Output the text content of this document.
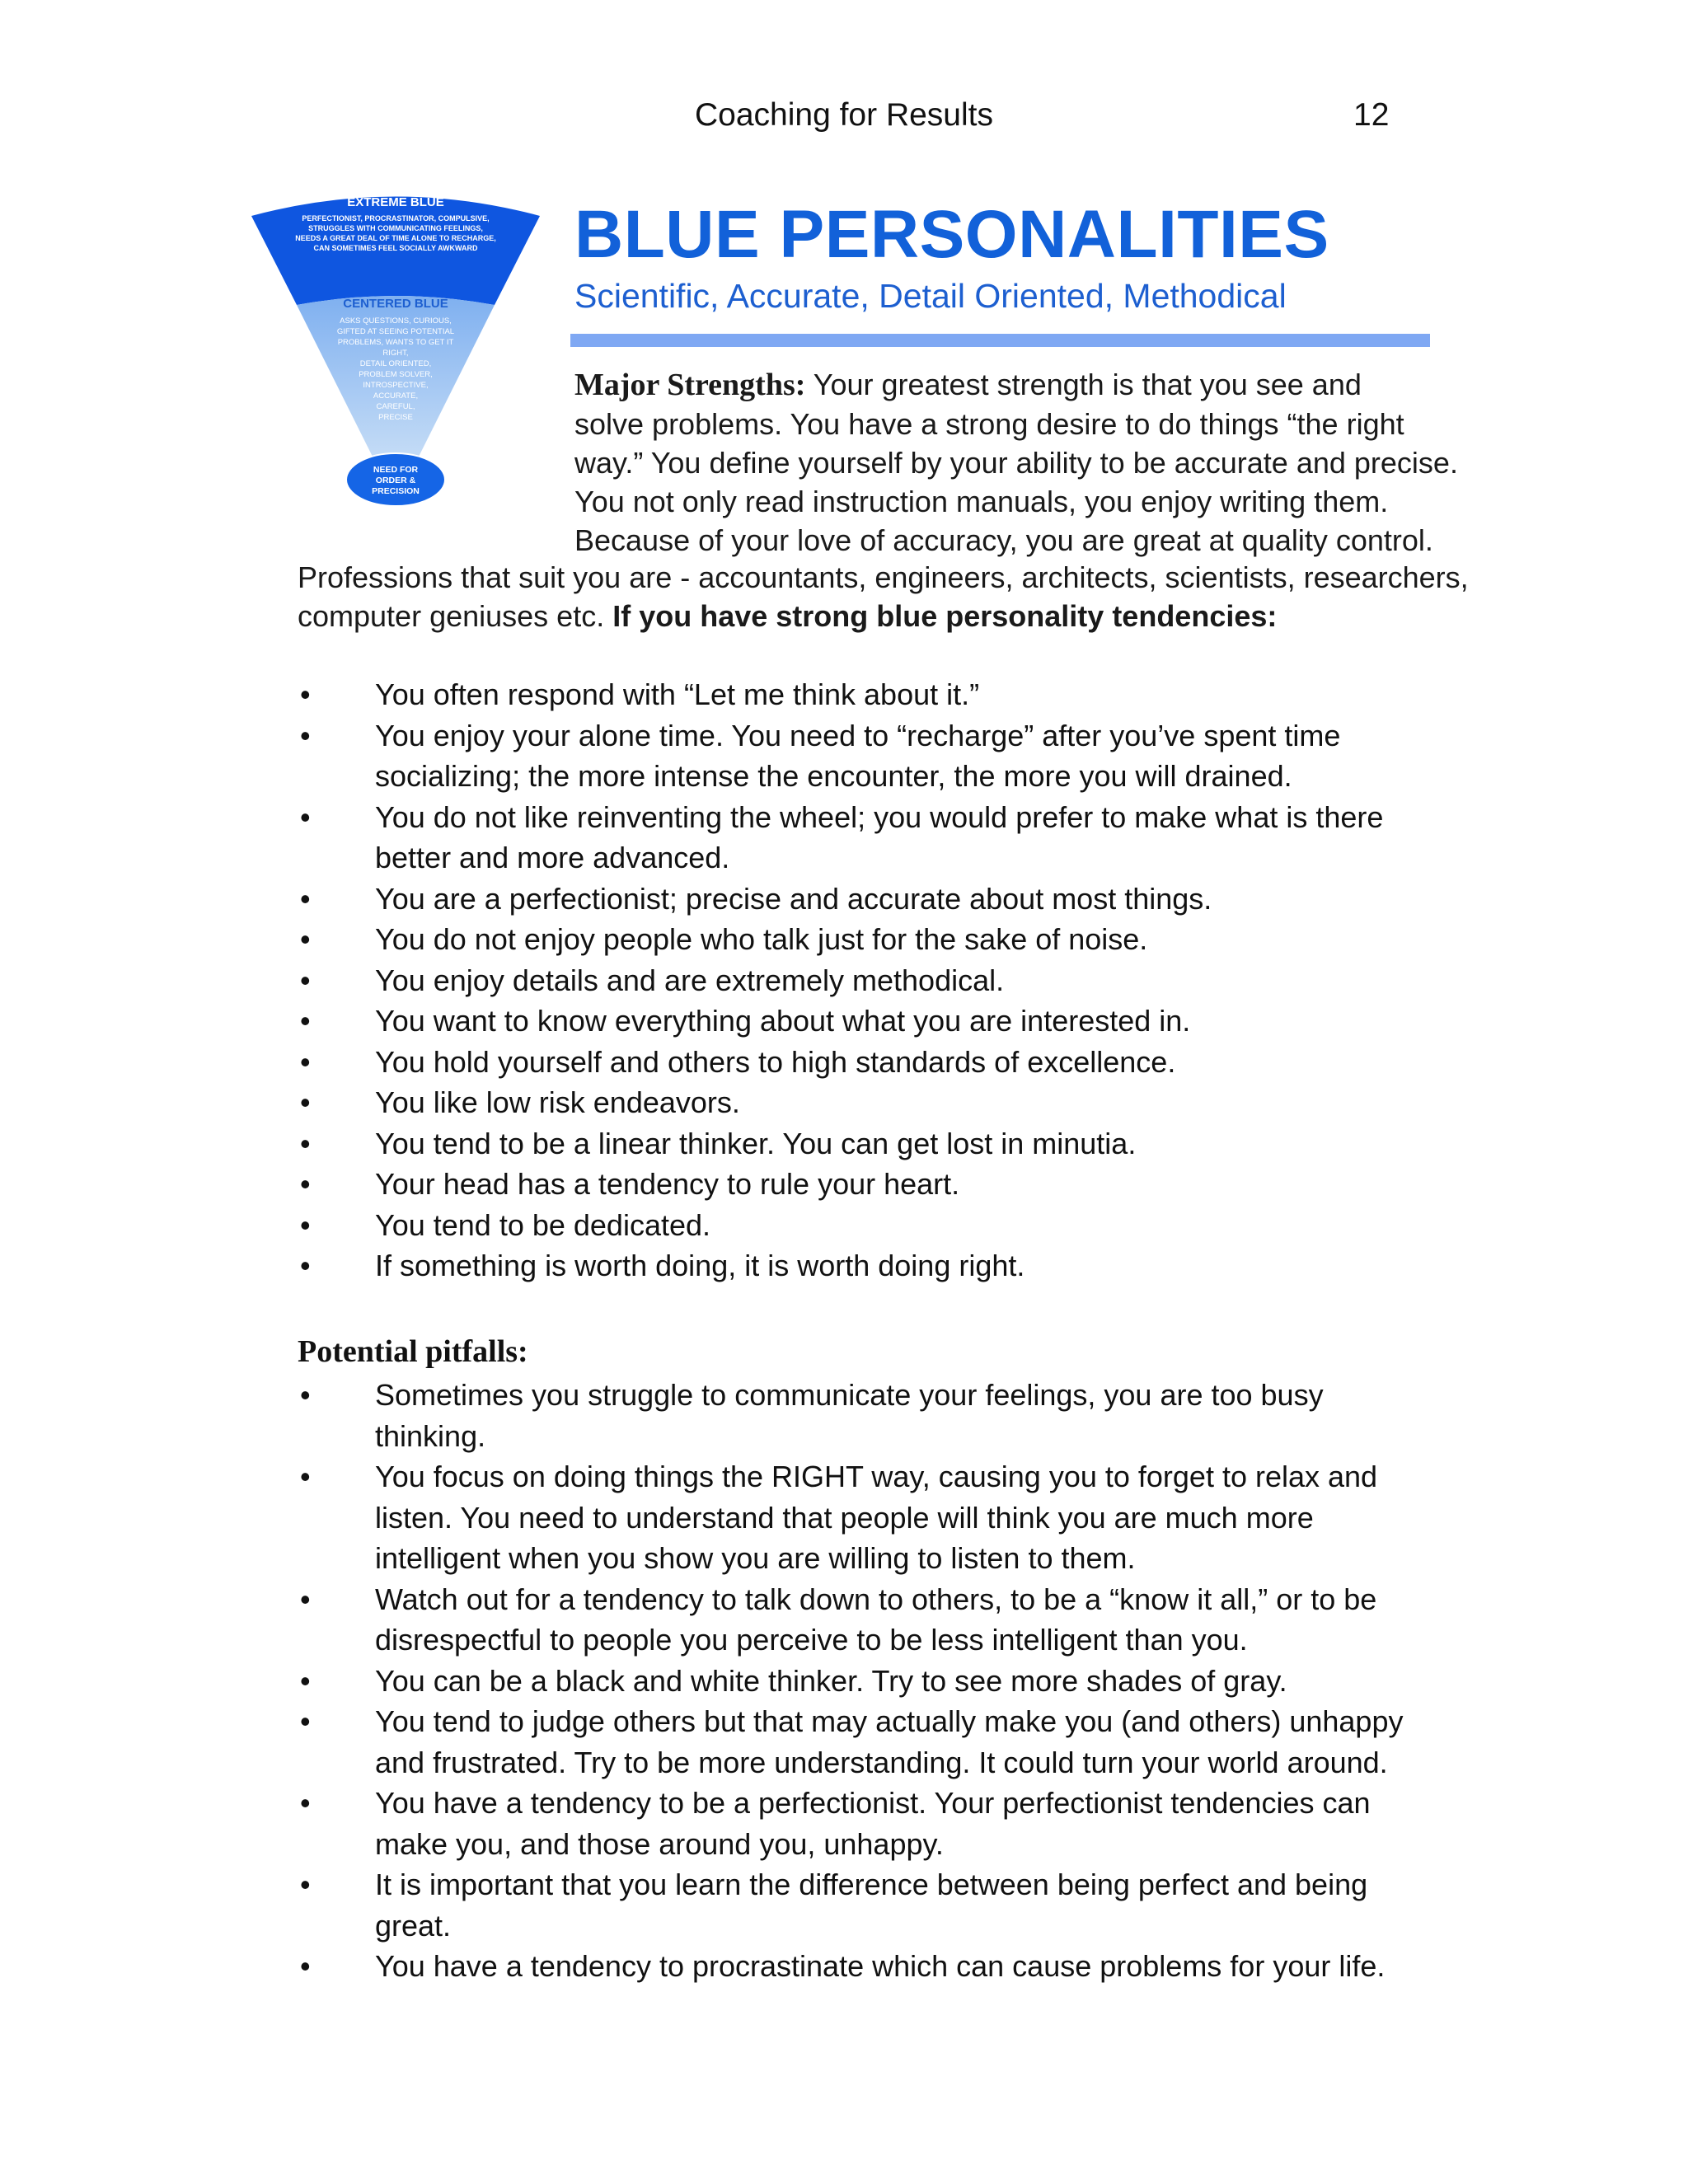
Coaching for Results	12
EXTREME BLUE
PERFECTIONIST, PROCRASTINATOR, COMPULSIVE,
STRUGGLES WITH COMMUNICATING FEELINGS,
NEEDS A GREAT DEAL OF TIME ALONE TO RECHARGE,
CAN SOMETIMES FEEL SOCIALLY AWKWARD
CENTERED BLUE
ASKS QUESTIONS, CURIOUS,
GIFTED AT SEEING POTENTIAL
PROBLEMS, WANTS TO GET IT
RIGHT,
DETAIL ORIENTED,
PROBLEM SOLVER,
INTROSPECTIVE,
ACCURATE,
CAREFUL,
PRECISE
NEED FOR
ORDER &
PRECISION
BLUE PERSONALITIES
Scientific, Accurate, Detail Oriented, Methodical
Major Strengths: Your greatest strength is that you see and
solve problems. You have a strong desire to do things “the right
way.” You define yourself by your ability to be accurate and precise.
You not only read instruction manuals, you enjoy writing them.
Because of your love of accuracy, you are great at quality control.
Professions that suit you are - accountants, engineers, architects, scientists, researchers,
computer geniuses etc. If you have strong blue personality tendencies:
• You often respond with “Let me think about it.”
• You enjoy your alone time. You need to “recharge” after you’ve spent time socializing; the more intense the encounter, the more you will drained.
• You do not like reinventing the wheel; you would prefer to make what is there better and more advanced.
• You are a perfectionist; precise and accurate about most things.
• You do not enjoy people who talk just for the sake of noise.
• You enjoy details and are extremely methodical.
• You want to know everything about what you are interested in.
• You hold yourself and others to high standards of excellence.
• You like low risk endeavors.
• You tend to be a linear thinker. You can get lost in minutia.
• Your head has a tendency to rule your heart.
• You tend to be dedicated.
• If something is worth doing, it is worth doing right.
Potential pitfalls:
• Sometimes you struggle to communicate your feelings, you are too busy thinking.
• You focus on doing things the RIGHT way, causing you to forget to relax and listen. You need to understand that people will think you are much more intelligent when you show you are willing to listen to them.
• Watch out for a tendency to talk down to others, to be a “know it all,” or to be disrespectful to people you perceive to be less intelligent than you.
• You can be a black and white thinker. Try to see more shades of gray.
• You tend to judge others but that may actually make you (and others) unhappy and frustrated. Try to be more understanding. It could turn your world around.
• You have a tendency to be a perfectionist. Your perfectionist tendencies can make you, and those around you, unhappy.
• It is important that you learn the difference between being perfect and being great.
• You have a tendency to procrastinate which can cause problems for your life.
